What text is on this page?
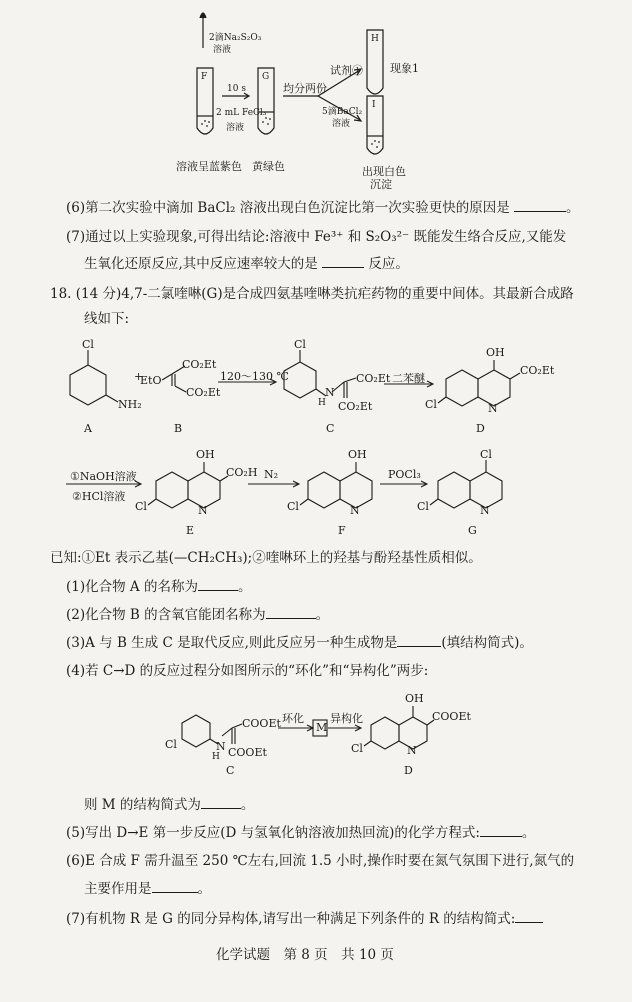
2滴Na₂S₂O₃
溶液
F	G
H
I
10 s
2 mL FeCl₃
溶液
均分两份
试剂① 现象1
5滴BaCl₂
溶液
溶液呈蓝紫色 黄绿色	出现白色
沉淀
(6)第二次实验中滴加 BaCl₂ 溶液出现白色沉淀比第一次实验更快的原因是	。
(7)通过以上实验现象,可得出结论:溶液中 Fe³⁺ 和 S₂O₃²⁻ 既能发生络合反应,又能发
生氧化还原反应,其中反应速率较大的是	反应。
18. (14 分)4,7-二氯喹啉(G)是合成四氨基喹啉类抗疟药物的重要中间体。其最新合成路
线如下:
Cl
NH₂
+
EtO
CO₂Et
CO₂Et
120～130 ℃
Cl
N
H
CO₂Et
CO₂Et
二苯醚
OH
CO₂Et
N
Cl
A	B	C	D
①NaOH溶液
②HCl溶液
OH
CO₂H
N
Cl
N₂
OH
N
Cl
POCl₃
Cl
N
Cl
E	F	G
已知:①Et 表示乙基(—CH₂CH₃);②喹啉环上的羟基与酚羟基性质相似。
(1)化合物 A 的名称为	。
(2)化合物 B 的含氧官能团名称为	。
(3)A 与 B 生成 C 是取代反应,则此反应另一种生成物是	(填结构简式)。
(4)若 C→D 的反应过程分如图所示的“环化”和“异构化”两步:
Cl	N
H
COOEt
COOEt
环化
M
异构化
OH
COOEt
N
Cl
C	D
则 M 的结构简式为	。
(5)写出 D→E 第一步反应(D 与氢氧化钠溶液加热回流)的化学方程式:	。
(6)E 合成 F 需升温至 250 ℃左右,回流 1.5 小时,操作时要在氮气氛围下进行,氮气的
主要作用是	。
(7)有机物 R 是 G 的同分异构体,请写出一种满足下列条件的 R 的结构简式:
化学试题　第 8 页　共 10 页
